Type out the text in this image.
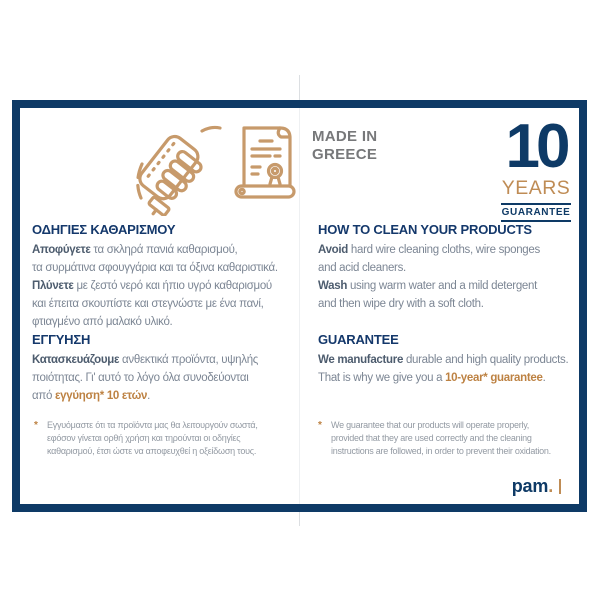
MADE IN
GREECE 10
YEARS
GUARANTEE
ΟΔΗΓΙΕΣ ΚΑΘΑΡΙΣΜΟΥ

Αποφύγετε τα σκληρά πανιά καθαρισμού,
τα συρμάτινα σφουγγάρια και τα όξινα καθαριστικά.
Πλύνετε με ζεστό νερό και ήπιο υγρό καθαρισμού
και έπειτα σκουπίστε και στεγνώστε με ένα πανί,
φτιαγμένο από μαλακό υλικό.

ΕΓΓΥΗΣΗ

Κατασκευάζουμε ανθεκτικά προϊόντα, υψηλής
ποιότητας. Γι' αυτό το λόγο όλα συνοδεύονται
από εγγύηση* 10 ετών.

HOW TO CLEAN YOUR PRODUCTS

Avoid hard wire cleaning cloths, wire sponges
and acid cleaners.
Wash using warm water and a mild detergent
and then wipe dry with a soft cloth.

GUARANTEE

We manufacture durable and high quality products.
That is why we give you a 10-year* guarantee.

* Εγγυόμαστε ότι τα προϊόντα μας θα λειτουργούν σωστά,
εφόσον γίνεται ορθή χρήση και τηρούνται οι οδηγίες
καθαρισμού, έτσι ώστε να αποφευχθεί η οξείδωση τους.
* We guarantee that our products will operate properly,
provided that they are used correctly and the cleaning
instructions are followed, in order to prevent their oxidation.
pam .
